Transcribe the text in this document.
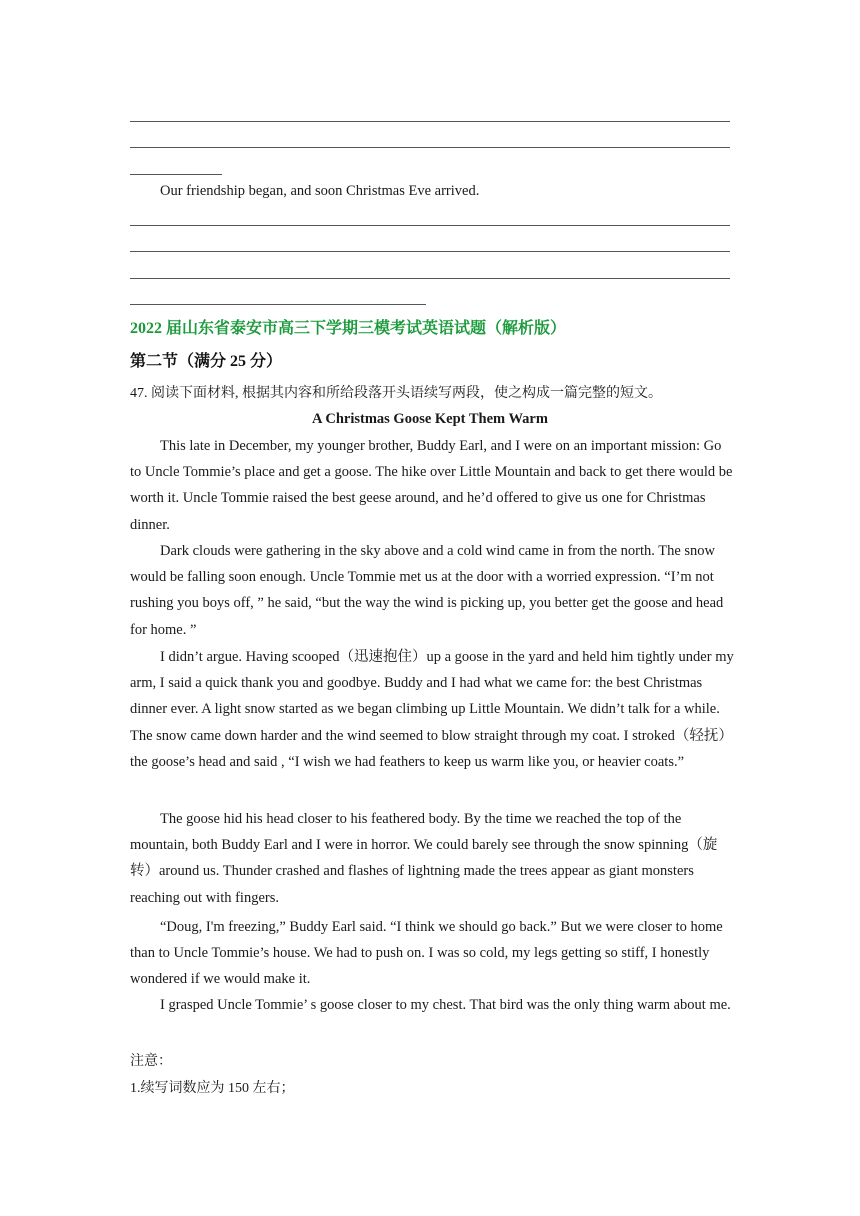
Our friendship began, and soon Christmas Eve arrived.
2022 届山东省泰安市高三下学期三模考试英语试题（解析版）
第二节（满分 25 分）
47. 阅读下面材料, 根据其内容和所给段落开头语续写两段，使之构成一篇完整的短文。
A Christmas Goose Kept Them Warm

This late in December, my younger brother, Buddy Earl, and I were on an important mission: Go to Uncle Tommie’s place and get a goose. The hike over Little Mountain and back to get there would be worth it. Uncle Tommie raised the best geese around, and he’d offered to give us one for Christmas dinner.

Dark clouds were gathering in the sky above and a cold wind came in from the north. The snow would be falling soon enough. Uncle Tommie met us at the door with a worried expression. “I’m not rushing you boys off, ” he said, “but the way the wind is picking up, you better get the goose and head for home. ”

I didn’t argue. Having scooped（迅速抱住）up a goose in the yard and held him tightly under my arm, I said a quick thank you and goodbye. Buddy and I had what we came for: the best Christmas dinner ever. A light snow started as we began climbing up Little Mountain. We didn’t talk for a while. The snow came down harder and the wind seemed to blow straight through my coat. I stroked（轻抚）the goose’s head and said , “I wish we had feathers to keep us warm like you, or heavier coats.”

The goose hid his head closer to his feathered body. By the time we reached the top of the mountain, both Buddy Earl and I were in horror. We could barely see through the snow spinning（旋转）around us. Thunder crashed and flashes of lightning made the trees appear as giant monsters reaching out with fingers.

“Doug, I'm freezing,” Buddy Earl said. “I think we should go back.” But we were closer to home than to Uncle Tommie’s house. We had to push on. I was so cold, my legs getting so stiff, I honestly wondered if we would make it.

I grasped Uncle Tommie’ s goose closer to my chest. That bird was the only thing warm about me.

注意：
1.续写词数应为 150 左右；
